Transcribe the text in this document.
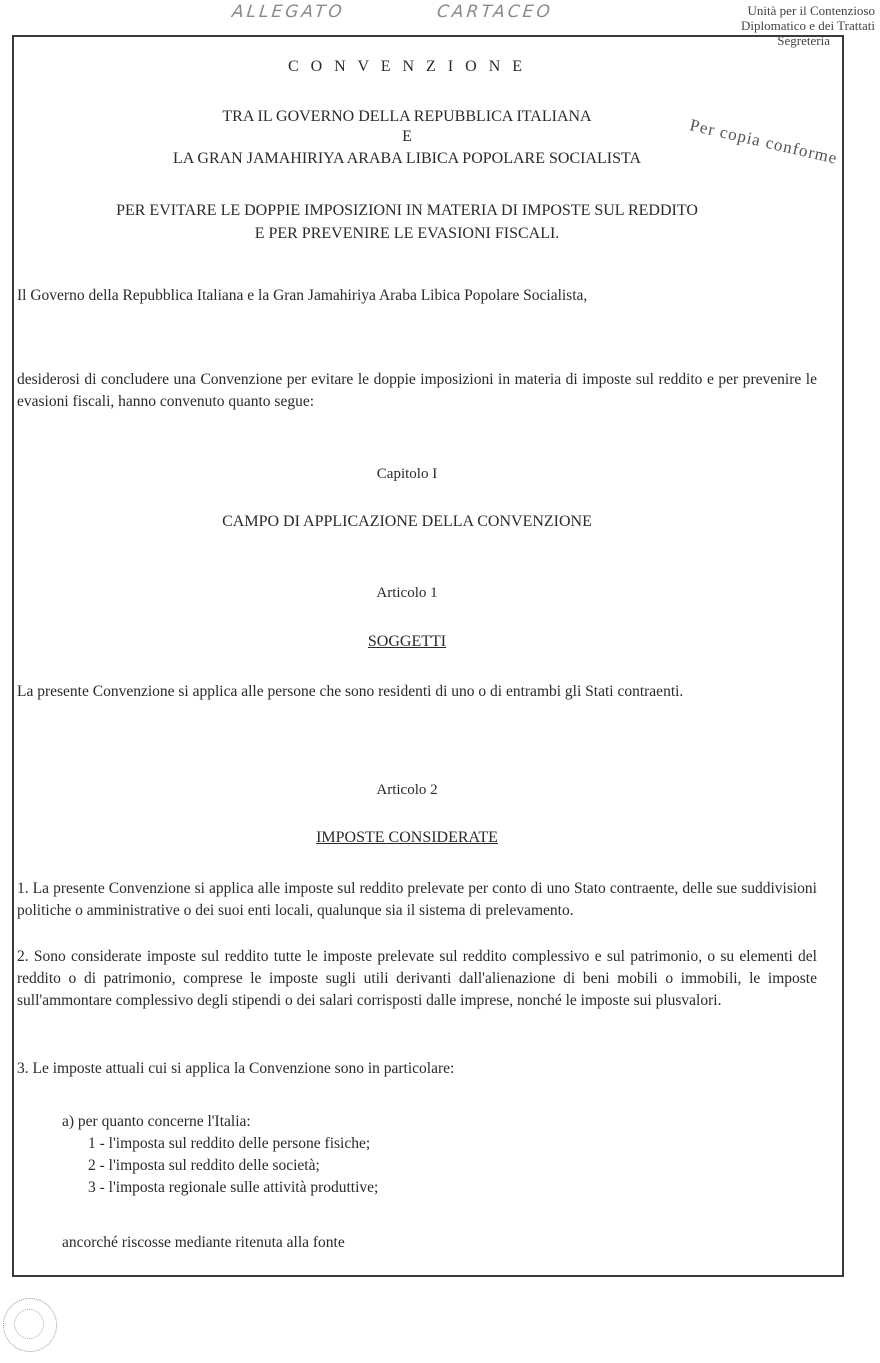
ALLEGATO	CARTACEO	Unità per il Contenzioso
Diplomatico e dei Trattati
Segreteria
Per copia conforme
C O N V E N Z I O N E
TRA IL GOVERNO DELLA REPUBBLICA ITALIANA
E
LA GRAN JAMAHIRIYA ARABA LIBICA POPOLARE SOCIALISTA
PER EVITARE LE DOPPIE IMPOSIZIONI IN MATERIA DI IMPOSTE SUL REDDITO
E PER PREVENIRE LE EVASIONI FISCALI.
Il Governo della Repubblica Italiana e la Gran Jamahiriya Araba Libica Popolare Socialista,
desiderosi di concludere una Convenzione per evitare le doppie imposizioni in materia di imposte sul reddito e per prevenire le evasioni fiscali, hanno convenuto quanto segue:
Capitolo I
CAMPO DI APPLICAZIONE DELLA CONVENZIONE
Articolo 1
SOGGETTI
La presente Convenzione si applica alle persone che sono residenti di uno o di entrambi gli Stati contraenti.
Articolo 2
IMPOSTE CONSIDERATE
1. La presente Convenzione si applica alle imposte sul reddito prelevate per conto di uno Stato contraente, delle sue suddivisioni politiche o amministrative o dei suoi enti locali, qualunque sia il sistema di prelevamento.
2. Sono considerate imposte sul reddito tutte le imposte prelevate sul reddito complessivo e sul patrimonio, o su elementi del reddito o di patrimonio, comprese le imposte sugli utili derivanti dall'alienazione di beni mobili o immobili, le imposte sull'ammontare complessivo degli stipendi o dei salari corrisposti dalle imprese, nonché le imposte sui plusvalori.
3. Le imposte attuali cui si applica la Convenzione sono in particolare:
a) per quanto concerne l'Italia:
1 - l'imposta sul reddito delle persone fisiche;
2 - l'imposta sul reddito delle società;
3 - l'imposta regionale sulle attività produttive;
ancorché riscosse mediante ritenuta alla fonte
